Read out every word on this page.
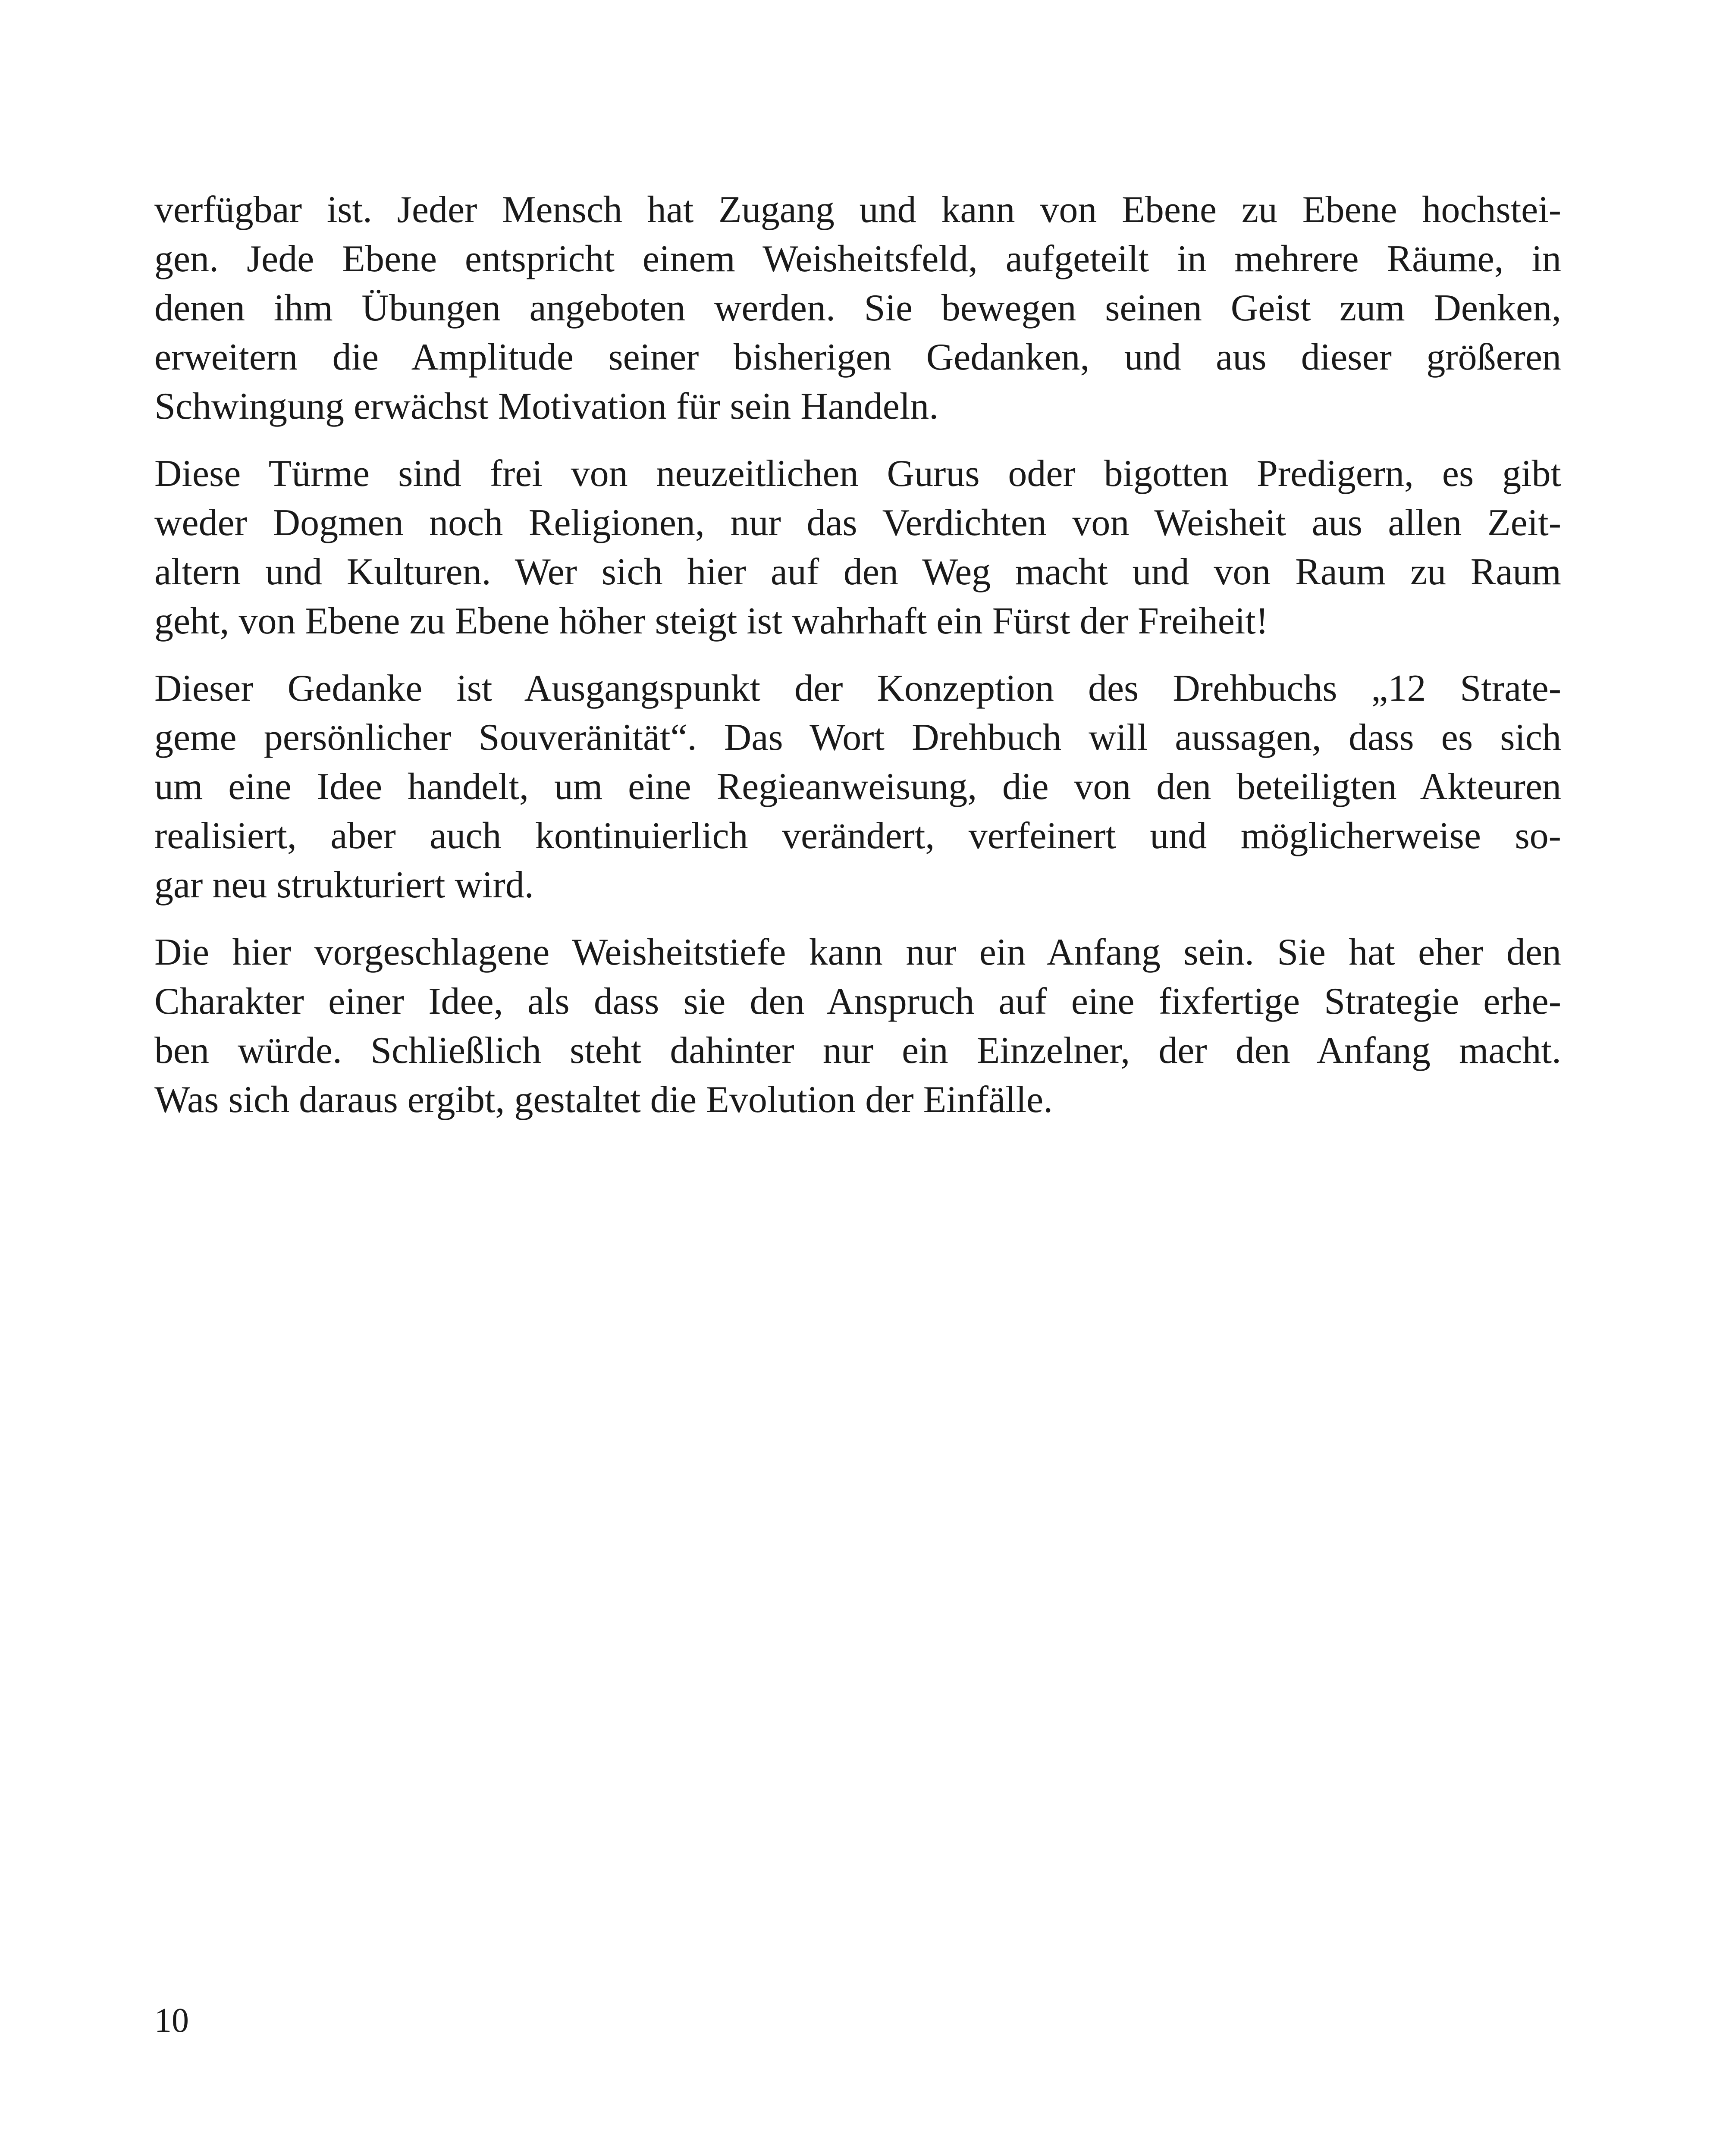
verfügbar ist. Jeder Mensch hat Zugang und kann von Ebene zu Ebene hochstei-
gen. Jede Ebene entspricht einem Weisheitsfeld, aufgeteilt in mehrere Räume, in
denen ihm Übungen angeboten werden. Sie bewegen seinen Geist zum Denken,
erweitern die Amplitude seiner bisherigen Gedanken, und aus dieser größeren
Schwingung erwächst Motivation für sein Handeln.
Diese Türme sind frei von neuzeitlichen Gurus oder bigotten Predigern, es gibt
weder Dogmen noch Religionen, nur das Verdichten von Weisheit aus allen Zeit-
altern und Kulturen. Wer sich hier auf den Weg macht und von Raum zu Raum
geht, von Ebene zu Ebene höher steigt ist wahrhaft ein Fürst der Freiheit!
Dieser Gedanke ist Ausgangspunkt der Konzeption des Drehbuchs „12 Strate-
geme persönlicher Souveränität“. Das Wort Drehbuch will aussagen, dass es sich
um eine Idee handelt, um eine Regieanweisung, die von den beteiligten Akteuren
realisiert, aber auch kontinuierlich verändert, verfeinert und möglicherweise so-
gar neu strukturiert wird.
Die hier vorgeschlagene Weisheitstiefe kann nur ein Anfang sein. Sie hat eher den
Charakter einer Idee, als dass sie den Anspruch auf eine fixfertige Strategie erhe-
ben würde. Schließlich steht dahinter nur ein Einzelner, der den Anfang macht.
Was sich daraus ergibt, gestaltet die Evolution der Einfälle.
10
